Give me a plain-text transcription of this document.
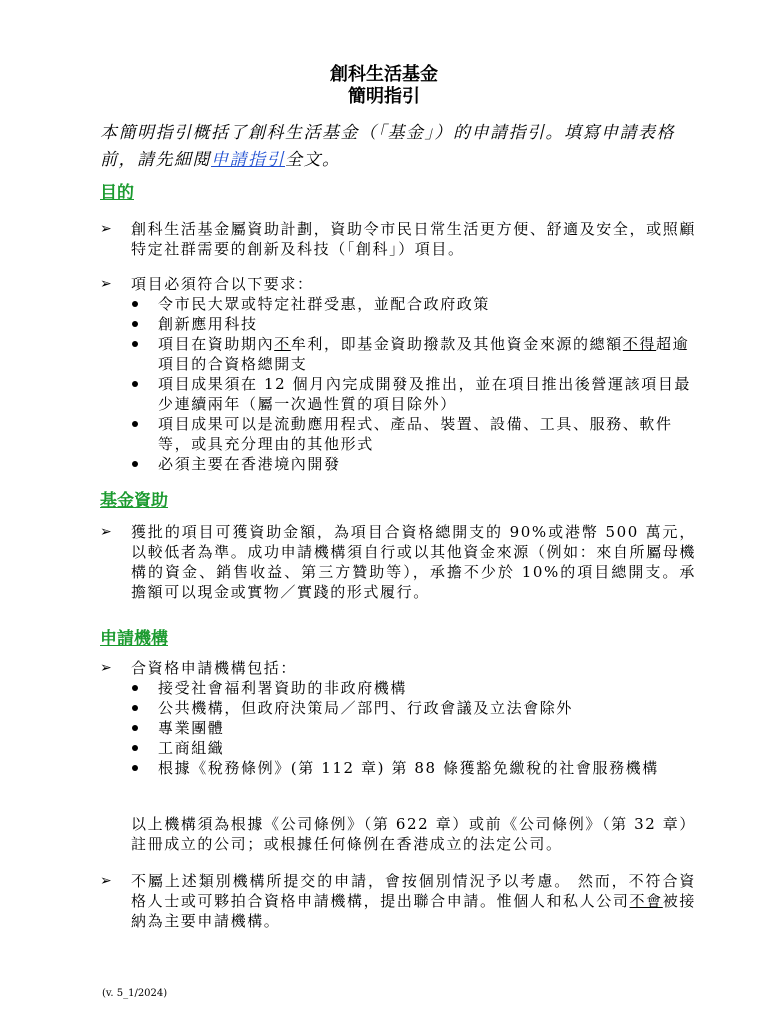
創科生活基金
簡明指引
本簡明指引概括了創科生活基金（「基金」）的申請指引。填寫申請表格前，請先細閱申請指引全文。
目的
➢	創科生活基金屬資助計劃，資助令市民日常生活更方便、舒適及安全，或照顧特定社群需要的創新及科技（「創科」）項目。
➢	項目必須符合以下要求：
令市民大眾或特定社群受惠，並配合政府政策
創新應用科技
項目在資助期內不牟利，即基金資助撥款及其他資金來源的總額不得超逾項目的合資格總開支
項目成果須在 12 個月內完成開發及推出，並在項目推出後營運該項目最少連續兩年（屬一次過性質的項目除外）
項目成果可以是流動應用程式、產品、裝置、設備、工具、服務、軟件等，或具充分理由的其他形式
必須主要在香港境內開發
基金資助
➢	獲批的項目可獲資助金額，為項目合資格總開支的 90%或港幣 500 萬元，以較低者為準。成功申請機構須自行或以其他資金來源（例如：來自所屬母機構的資金、銷售收益、第三方贊助等），承擔不少於 10%的項目總開支。承擔額可以現金或實物／實踐的形式履行。
申請機構
➢	合資格申請機構包括：
接受社會福利署資助的非政府機構
公共機構，但政府決策局／部門、行政會議及立法會除外
專業團體
工商組織
根據《稅務條例》(第 112 章) 第 88 條獲豁免繳稅的社會服務機構
以上機構須為根據《公司條例》（第 622 章）或前《公司條例》（第 32 章）註冊成立的公司；或根據任何條例在香港成立的法定公司。
➢	不屬上述類別機構所提交的申請，會按個別情況予以考慮。 然而，不符合資格人士或可夥拍合資格申請機構，提出聯合申請。惟個人和私人公司不會被接納為主要申請機構。
(v. 5_1/2024)
